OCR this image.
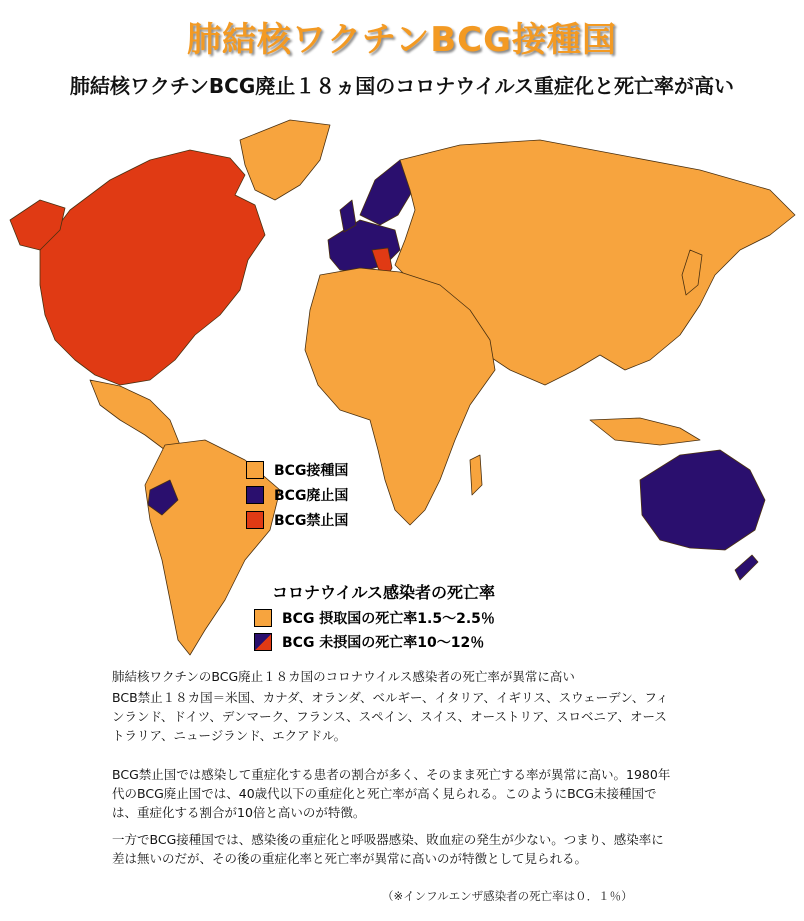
肺結核ワクチンBCG接種国
肺結核ワクチンBCG廃止１８ヵ国のコロナウイルス重症化と死亡率が高い
BCG接種国
BCG廃止国
BCG禁止国
コロナウイルス感染者の死亡率
BCG 摂取国の死亡率1.5～2.5％
BCG 未摂国の死亡率10～12％
肺結核ワクチンのBCG廃止１８カ国のコロナウイルス感染者の死亡率が異常に高い
BCB禁止１８カ国＝米国、カナダ、オランダ、ベルギー、イタリア、イギリス、スウェーデン、フィンランド、ドイツ、デンマーク、フランス、スペイン、スイス、オーストリア、スロベニア、オーストラリア、ニュージランド、エクアドル。
BCG禁止国では感染して重症化する患者の割合が多く、そのまま死亡する率が異常に高い。1980年代のBCG廃止国では、40歳代以下の重症化と死亡率が高く見られる。このようにBCG未接種国では、重症化する割合が10倍と高いのが特徴。
一方でBCG接種国では、感染後の重症化と呼吸器感染、敗血症の発生が少ない。つまり、感染率に差は無いのだが、その後の重症化率と死亡率が異常に高いのが特徴として見られる。
（※インフルエンザ感染者の死亡率は０．１％）
